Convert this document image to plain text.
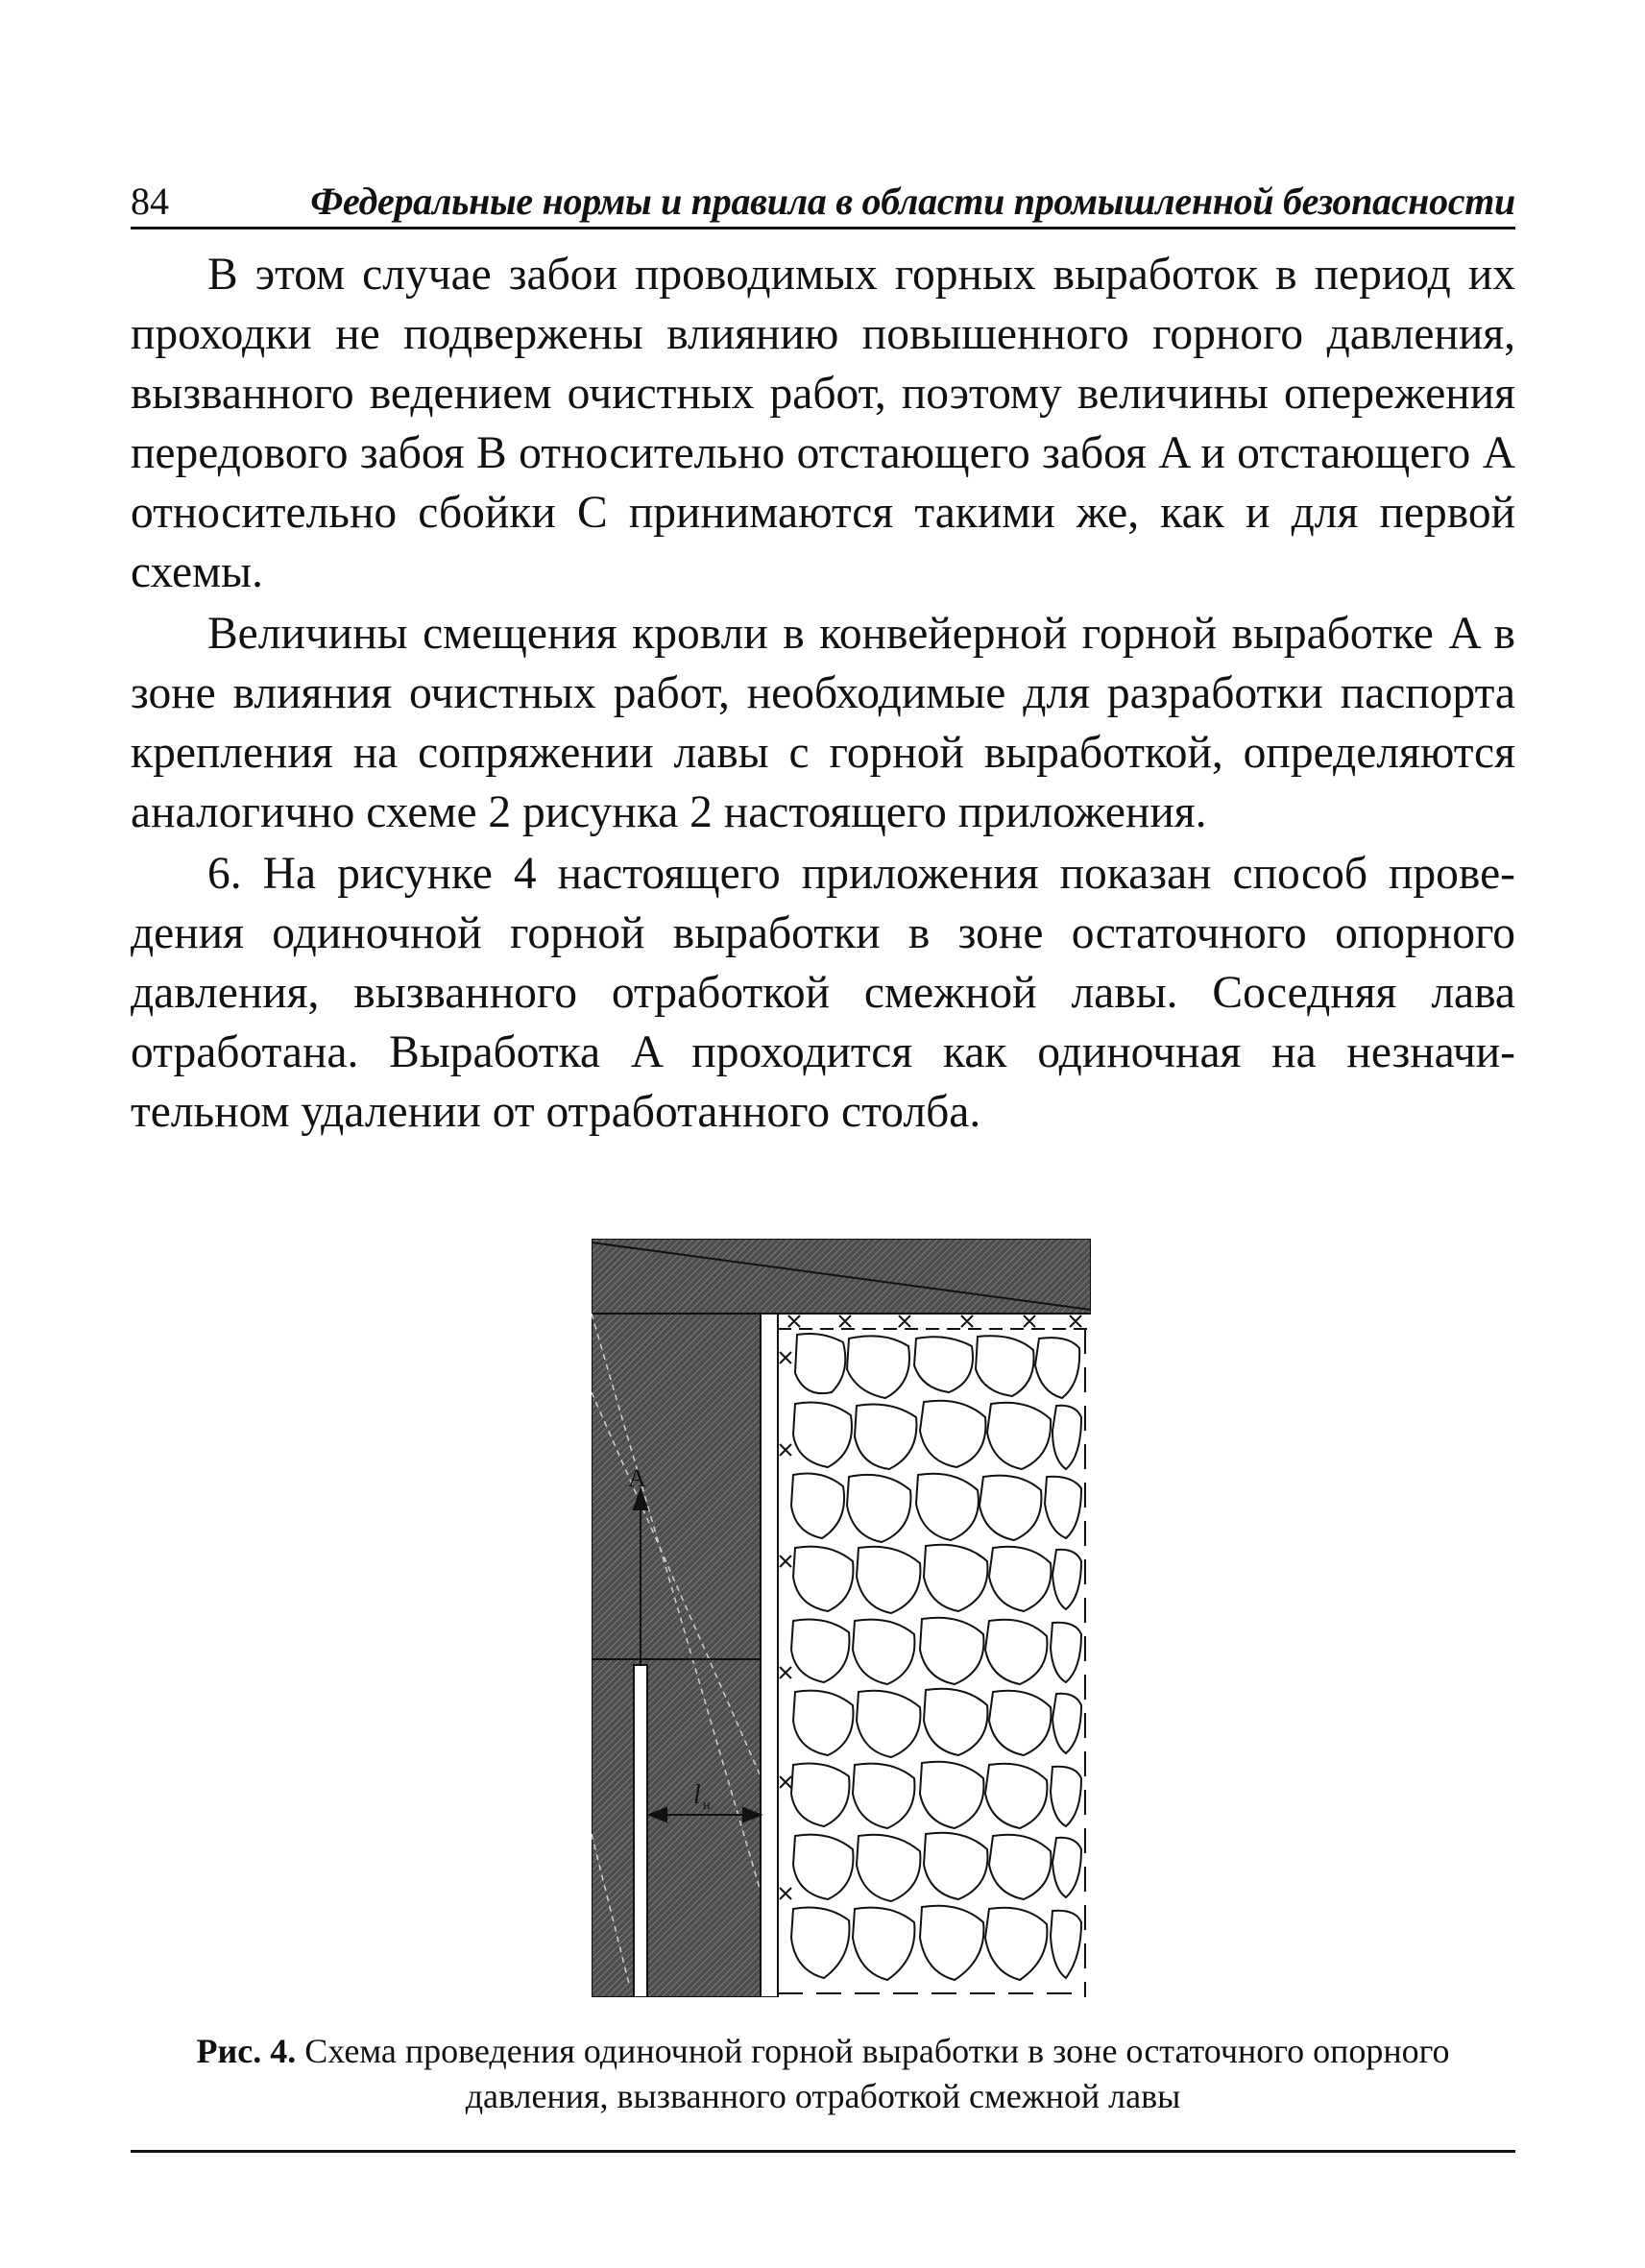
84	Федеральные нормы и правила в области промышленной безопасности

В этом случае забои проводимых горных выработок в период их проходки не подвержены влиянию повышенного горного давления, вызванного ведением очистных работ, поэтому величины опережения передового забоя B относительно отстающего забоя A и отстающего A относительно сбойки C принимаются такими же, как и для первой схемы.

Величины смещения кровли в конвейерной горной выработке A в зоне влияния очистных работ, необходимые для разработки паспорта крепления на сопряжении лавы с горной выработкой, определяются аналогично схеме 2 рисунка 2 настоящего приложения.

6. На рисунке 4 настоящего приложения показан способ проведения одиночной горной выработки в зоне остаточного опорного давления, вызванного отработкой смежной лавы. Соседняя лава отработана. Выработка A проходится как одиночная на незначительном удалении от отработанного столба.

A
l н
Рис. 4. Схема проведения одиночной горной выработки в зоне остаточного опорного давления, вызванного отработкой смежной лавы
